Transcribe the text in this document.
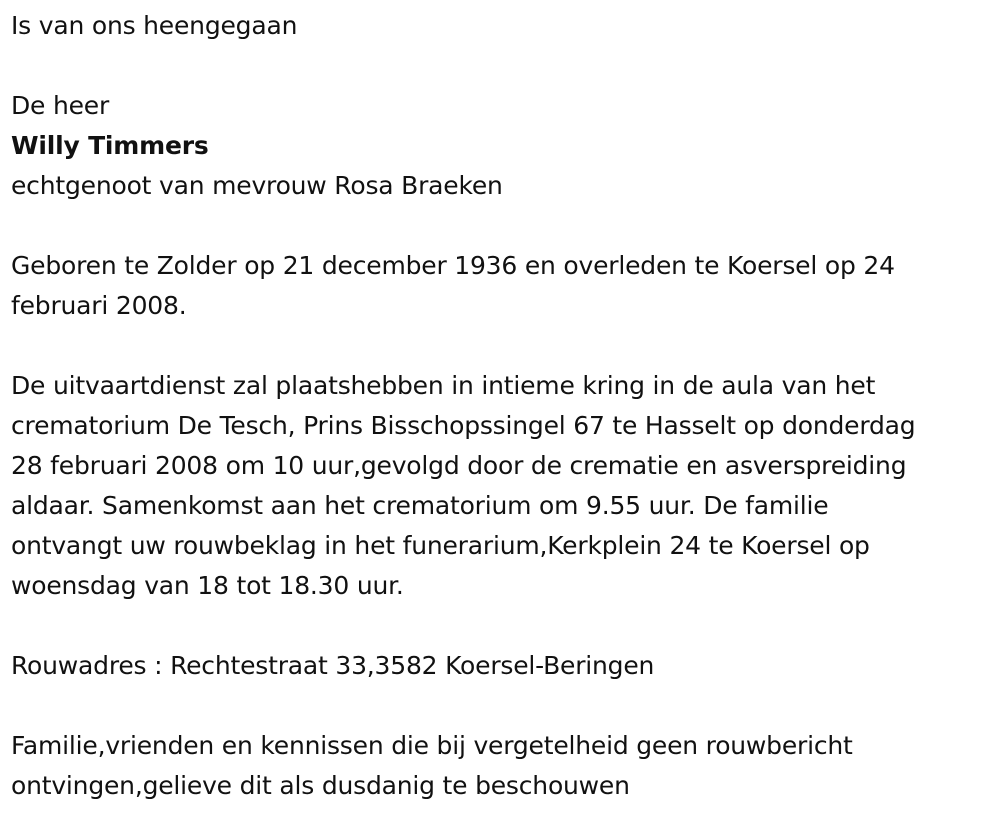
Is van ons heengegaan
De heer
Willy Timmers
echtgenoot van mevrouw Rosa Braeken
Geboren te Zolder op 21 december 1936 en overleden te Koersel op 24
februari 2008.
De uitvaartdienst zal plaatshebben in intieme kring in de aula van het
crematorium De Tesch, Prins Bisschopssingel 67 te Hasselt op donderdag
28 februari 2008 om 10 uur,gevolgd door de crematie en asverspreiding
aldaar. Samenkomst aan het crematorium om 9.55 uur. De familie
ontvangt uw rouwbeklag in het funerarium,Kerkplein 24 te Koersel op
woensdag van 18 tot 18.30 uur.
Rouwadres : Rechtestraat 33,3582 Koersel-Beringen
Familie,vrienden en kennissen die bij vergetelheid geen rouwbericht
ontvingen,gelieve dit als dusdanig te beschouwen
